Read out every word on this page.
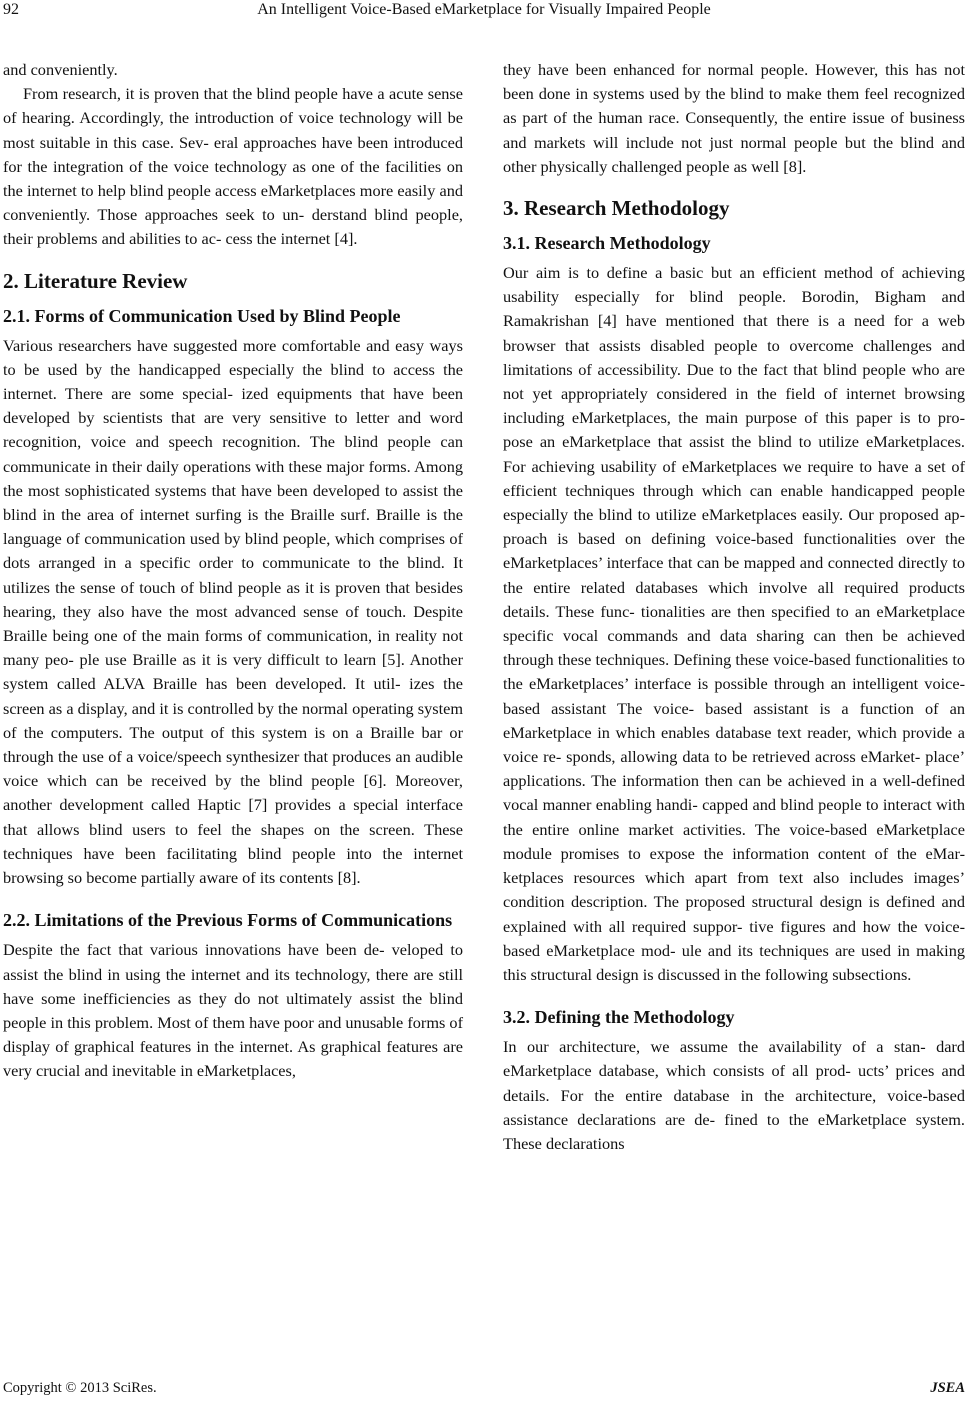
92	An Intelligent Voice-Based eMarketplace for Visually Impaired People

and conveniently.

From research, it is proven that the blind people have a acute sense of hearing. Accordingly, the introduction of voice technology will be most suitable in this case. Sev- eral approaches have been introduced for the integration of the voice technology as one of the facilities on the internet to help blind people access eMarketplaces more easily and conveniently. Those approaches seek to un- derstand blind people, their problems and abilities to ac- cess the internet [4].

2. Literature Review
2.1. Forms of Communication Used by Blind People

Various researchers have suggested more comfortable and easy ways to be used by the handicapped especially the blind to access the internet. There are some special- ized equipments that have been developed by scientists that are very sensitive to letter and word recognition, voice and speech recognition. The blind people can communicate in their daily operations with these major forms. Among the most sophisticated systems that have been developed to assist the blind in the area of internet surfing is the Braille surf. Braille is the language of communication used by blind people, which comprises of dots arranged in a specific order to communicate to the blind. It utilizes the sense of touch of blind people as it is proven that besides hearing, they also have the most advanced sense of touch. Despite Braille being one of the main forms of communication, in reality not many peo- ple use Braille as it is very difficult to learn [5]. Another system called ALVA Braille has been developed. It util- izes the screen as a display, and it is controlled by the normal operating system of the computers. The output of this system is on a Braille bar or through the use of a voice/speech synthesizer that produces an audible voice which can be received by the blind people [6]. Moreover, another development called Haptic [7] provides a special interface that allows blind users to feel the shapes on the screen. These techniques have been facilitating blind people into the internet browsing so become partially aware of its contents [8].

2.2. Limitations of the Previous Forms of Communications

Despite the fact that various innovations have been de- veloped to assist the blind in using the internet and its technology, there are still have some inefficiencies as they do not ultimately assist the blind people in this problem. Most of them have poor and unusable forms of display of graphical features in the internet. As graphical features are very crucial and inevitable in eMarketplaces,

they have been enhanced for normal people. However, this has not been done in systems used by the blind to make them feel recognized as part of the human race. Consequently, the entire issue of business and markets will include not just normal people but the blind and other physically challenged people as well [8].

3. Research Methodology
3.1. Research Methodology

Our aim is to define a basic but an efficient method of achieving usability especially for blind people. Borodin, Bigham and Ramakrishan [4] have mentioned that there is a need for a web browser that assists disabled people to overcome challenges and limitations of accessibility. Due to the fact that blind people who are not yet appropriately considered in the field of internet browsing including eMarketplaces, the main purpose of this paper is to pro- pose an eMarketplace that assist the blind to utilize eMarketplaces. For achieving usability of eMarketplaces we require to have a set of efficient techniques through which can enable handicapped people especially the blind to utilize eMarketplaces easily. Our proposed ap- proach is based on defining voice-based functionalities over the eMarketplaces’ interface that can be mapped and connected directly to the entire related databases which involve all required products details. These func- tionalities are then specified to an eMarketplace specific vocal commands and data sharing can then be achieved through these techniques. Defining these voice-based functionalities to the eMarketplaces’ interface is possible through an intelligent voice-based assistant The voice- based assistant is a function of an eMarketplace in which enables database text reader, which provide a voice re- sponds, allowing data to be retrieved across eMarket- place’ applications. The information then can be achieved in a well-defined vocal manner enabling handi- capped and blind people to interact with the entire online market activities. The voice-based eMarketplace module promises to expose the information content of the eMar- ketplaces resources which apart from text also includes images’ condition description. The proposed structural design is defined and explained with all required suppor- tive figures and how the voice-based eMarketplace mod- ule and its techniques are used in making this structural design is discussed in the following subsections.

3.2. Defining the Methodology

In our architecture, we assume the availability of a stan- dard eMarketplace database, which consists of all prod- ucts’ prices and details. For the entire database in the architecture, voice-based assistance declarations are de- fined to the eMarketplace system. These declarations

Copyright © 2013 SciRes.	JSEA
